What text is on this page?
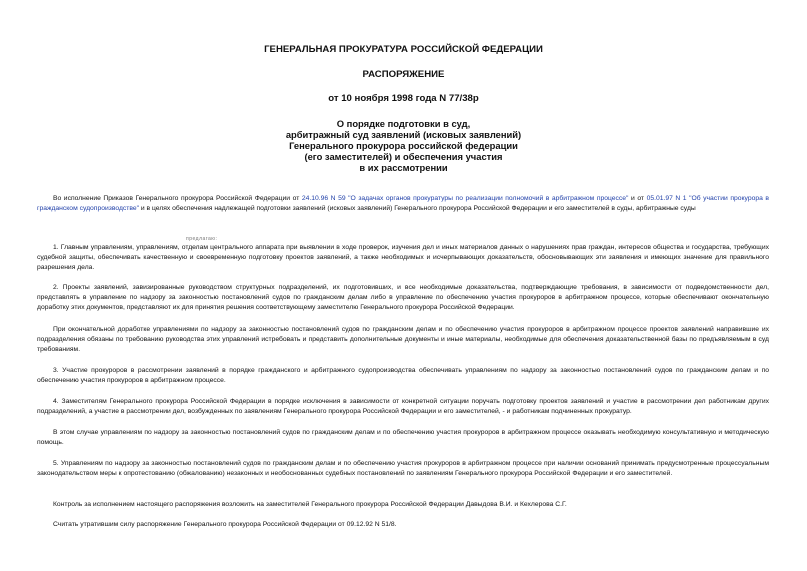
ГЕНЕРАЛЬНАЯ ПРОКУРАТУРА РОССИЙСКОЙ ФЕДЕРАЦИИ

РАСПОРЯЖЕНИЕ

от 10 ноября 1998 года N 77/38р

О порядке подготовки в суд,
арбитражный суд заявлений (исковых заявлений)
Генерального прокурора российской федерации
(его заместителей) и обеспечения участия
в их рассмотрении

Во исполнение Приказов Генерального прокурора Российской Федерации от 24.10.96 N 59 "О задачах органов прокуратуры по реализации полномочий в арбитражном процессе" и от 05.01.97 N 1 "Об участии прокурора в гражданском судопроизводстве" и в целях обеспечения надлежащей подготовки заявлений (исковых заявлений) Генерального прокурора Российской Федерации и его заместителей в суды, арбитражные суды

предлагаю:

1. Главным управлениям, управлениям, отделам центрального аппарата при выявлении в ходе проверок, изучения дел и иных материалов данных о нарушениях прав граждан, интересов общества и государства, требующих судебной защиты, обеспечивать качественную и своевременную подготовку проектов заявлений, а также необходимых и исчерпывающих доказательств, обосновывающих эти заявления и имеющих значение для правильного разрешения дела.

2. Проекты заявлений, завизированные руководством структурных подразделений, их подготовивших, и все необходимые доказательства, подтверждающие требования, в зависимости от подведомственности дел, представлять в управление по надзору за законностью постановлений судов по гражданским делам либо в управление по обеспечению участия прокуроров в арбитражном процессе, которые обеспечивают окончательную доработку этих документов, представляют их для принятия решения соответствующему заместителю Генерального прокурора Российской Федерации.

При окончательной доработке управлениями по надзору за законностью постановлений судов по гражданским делам и по обеспечению участия прокуроров в арбитражном процессе проектов заявлений направившие их подразделения обязаны по требованию руководства этих управлений истребовать и представить дополнительные документы и иные материалы, необходимые для обеспечения доказательственной базы по предъявляемым в суд требованиям.

3. Участие прокуроров в рассмотрении заявлений в порядке гражданского и арбитражного судопроизводства обеспечивать управлениям по надзору за законностью постановлений судов по гражданским делам и по обеспечению участия прокуроров в арбитражном процессе.

4. Заместителям Генерального прокурора Российской Федерации в порядке исключения в зависимости от конкретной ситуации поручать подготовку проектов заявлений и участие в рассмотрении дел работникам других подразделений, а участие в рассмотрении дел, возбужденных по заявлениям Генерального прокурора Российской Федерации и его заместителей, - и работникам подчиненных прокуратур.

В этом случае управлениям по надзору за законностью постановлений судов по гражданским делам и по обеспечению участия прокуроров в арбитражном процессе оказывать необходимую консультативную и методическую помощь.

5. Управлениям по надзору за законностью постановлений судов по гражданским делам и по обеспечению участия прокуроров в арбитражном процессе при наличии оснований принимать предусмотренные процессуальным законодательством меры к опротестованию (обжалованию) незаконных и необоснованных судебных постановлений по заявлениям Генерального прокурора Российской Федерации и его заместителей.

Контроль за исполнением настоящего распоряжения возложить на заместителей Генерального прокурора Российской Федерации Давыдова В.И. и Кехлерова С.Г.

Считать утратившим силу распоряжение Генерального прокурора Российской Федерации от 09.12.92 N 51/8.
